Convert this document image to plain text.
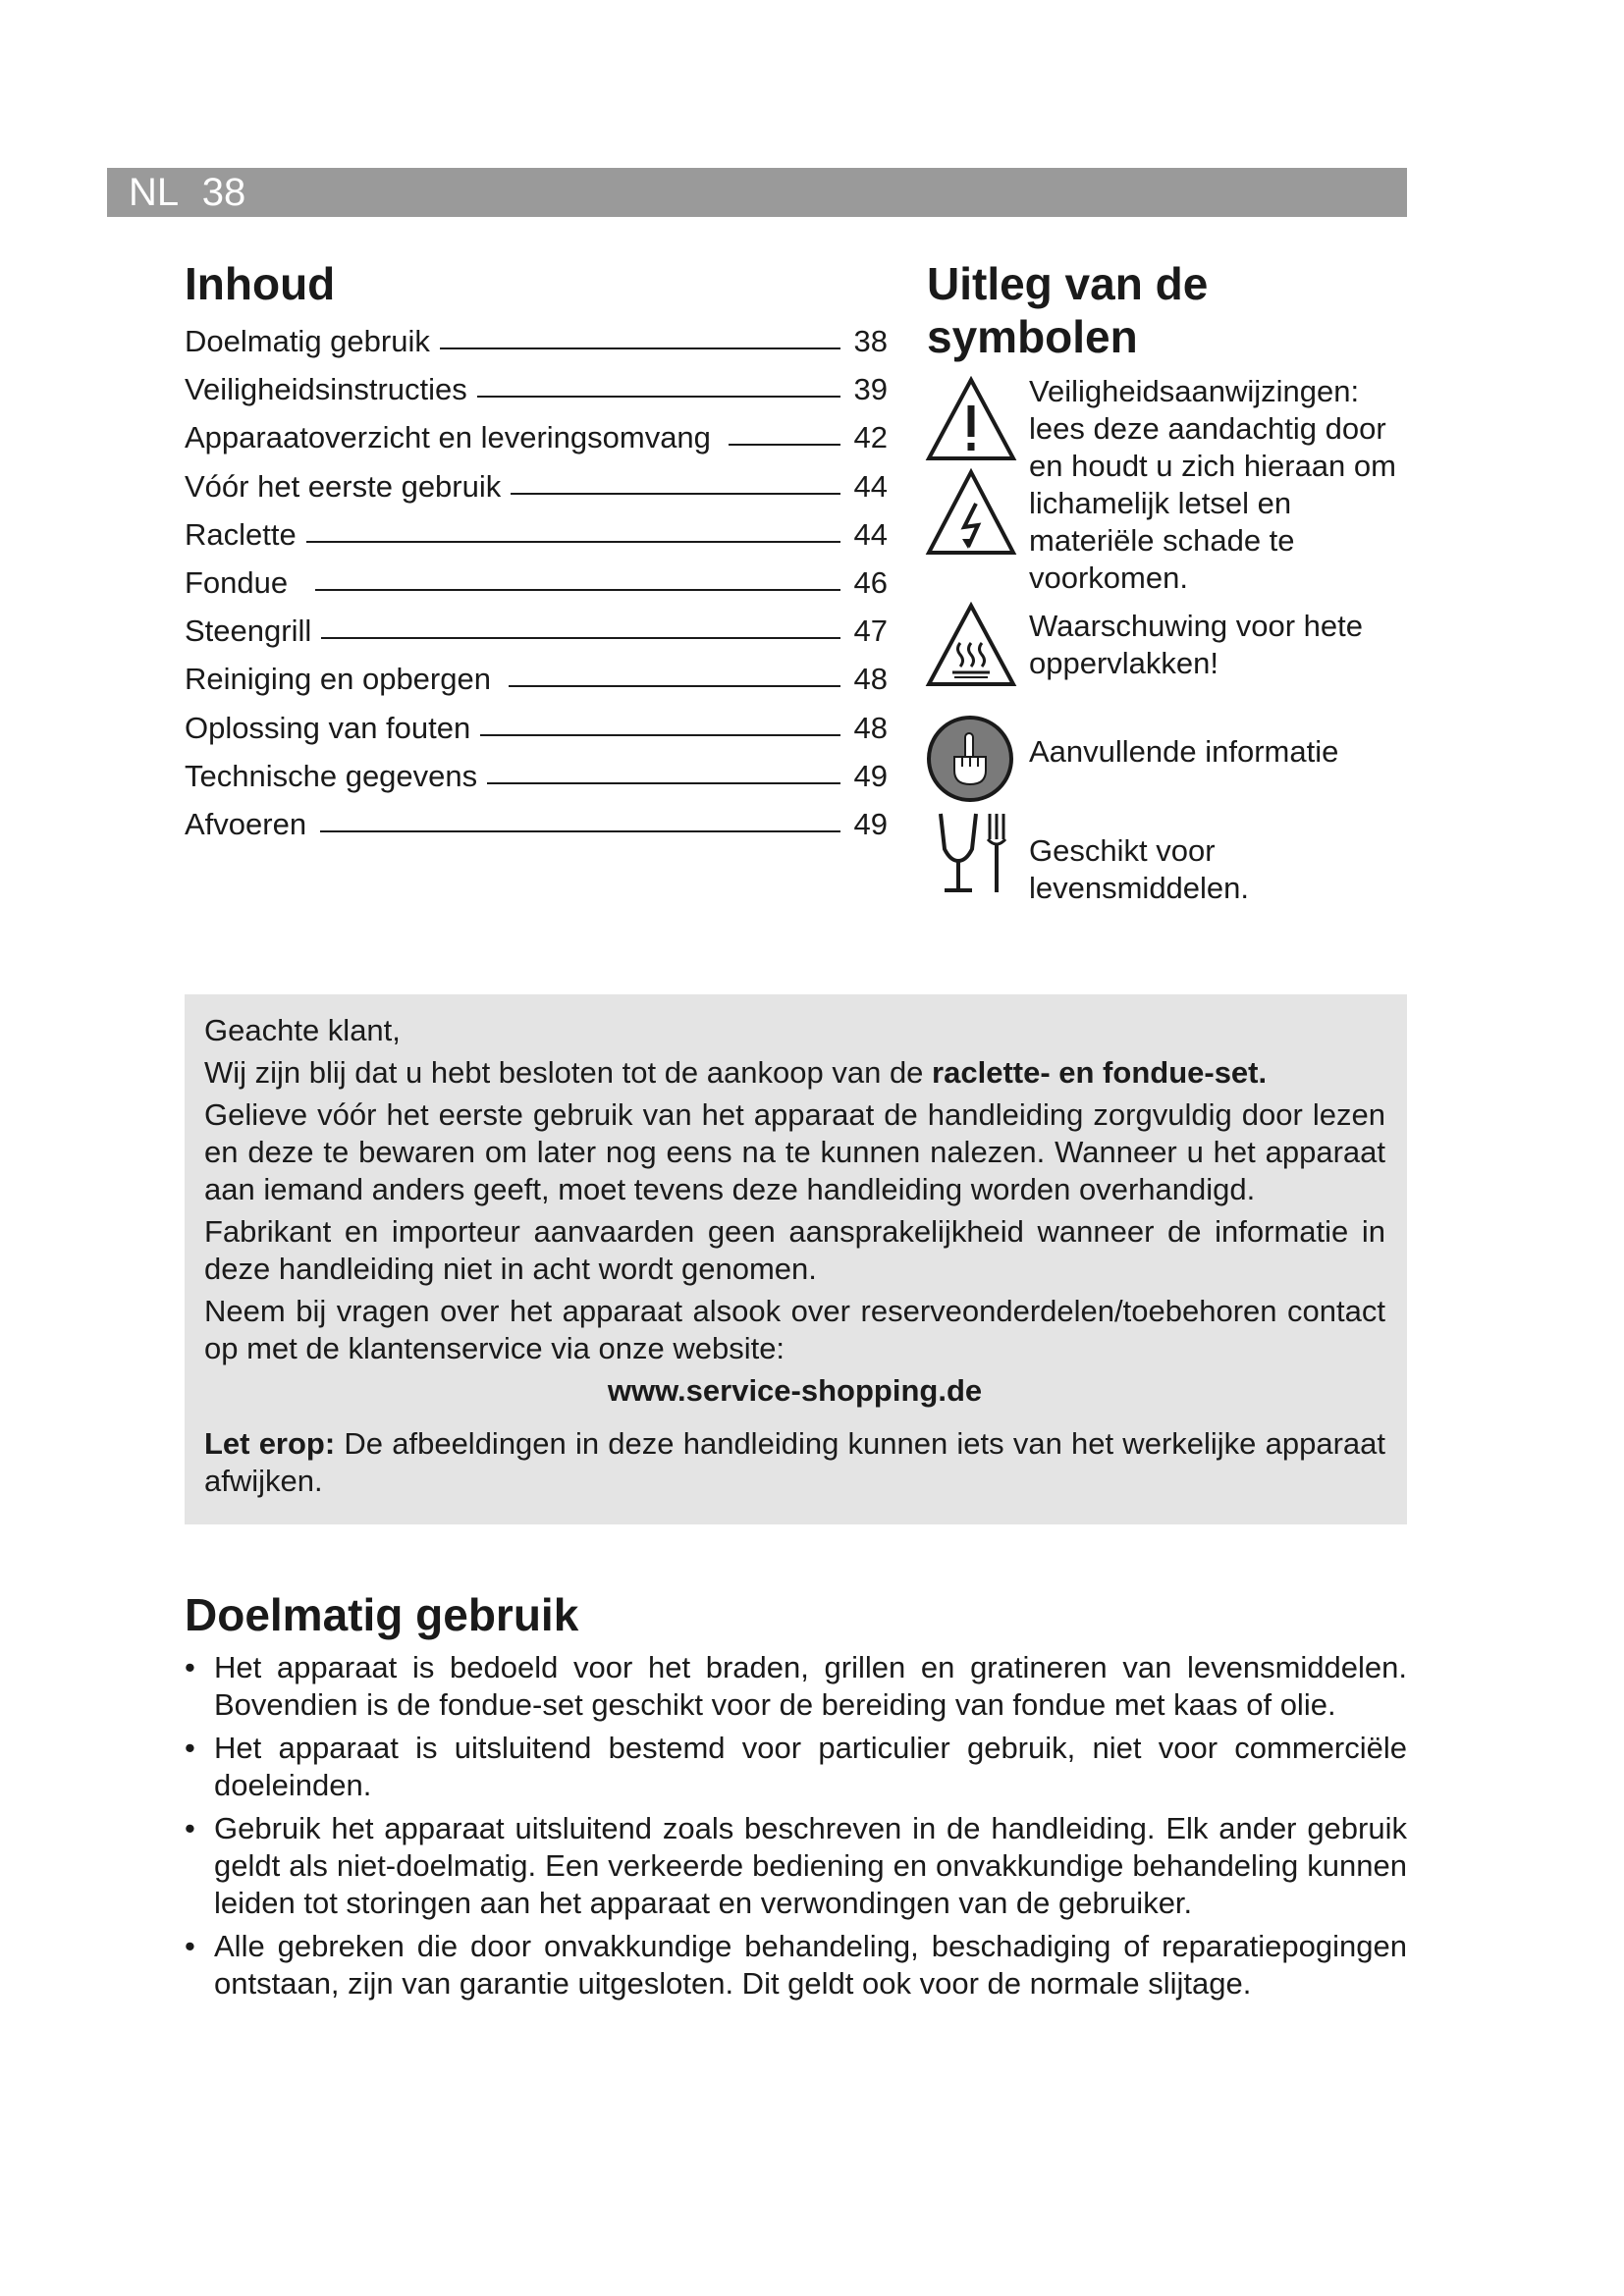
NL 38
Inhoud
Doelmatig gebruik	38
Veiligheidsinstructies	39
Apparaatoverzicht en leveringsomvang	42
Vóór het eerste gebruik	44
Raclette	44
Fondue	46
Steengrill	47
Reiniging en opbergen	48
Oplossing van fouten	48
Technische gegevens	49
Afvoeren	49
Uitleg van de symbolen
Veiligheidsaanwijzingen: lees deze aandachtig door en houdt u zich hieraan om lichamelijk letsel en materiële schade te voorkomen.
Waarschuwing voor hete oppervlakken!
Aanvullende informatie
Geschikt voor levensmiddelen.

Geachte klant,

Wij zijn blij dat u hebt besloten tot de aankoop van de raclette- en fondue-set.

Gelieve vóór het eerste gebruik van het apparaat de handleiding zorgvuldig door lezen en deze te bewaren om later nog eens na te kunnen nalezen. Wanneer u het apparaat aan iemand anders geeft, moet tevens deze handleiding worden overhandigd.

Fabrikant en importeur aanvaarden geen aansprakelijkheid wanneer de informatie in deze handleiding niet in acht wordt genomen.

Neem bij vragen over het apparaat alsook over reserveonderdelen/toebehoren contact op met de klantenservice via onze website:

www.service-shopping.de

Let erop: De afbeeldingen in deze handleiding kunnen iets van het werkelijke apparaat afwijken.

Doelmatig gebruik
• Het apparaat is bedoeld voor het braden, grillen en gratineren van levensmiddelen. Bovendien is de fondue-set geschikt voor de bereiding van fondue met kaas of olie.
• Het apparaat is uitsluitend bestemd voor particulier gebruik, niet voor commerciële doeleinden.
• Gebruik het apparaat uitsluitend zoals beschreven in de handleiding. Elk ander gebruik geldt als niet-doelmatig. Een verkeerde bediening en onvakkundige behandeling kunnen leiden tot storingen aan het apparaat en verwondingen van de gebruiker.
• Alle gebreken die door onvakkundige behandeling, beschadiging of reparatiepogingen ontstaan, zijn van garantie uitgesloten. Dit geldt ook voor de normale slijtage.
